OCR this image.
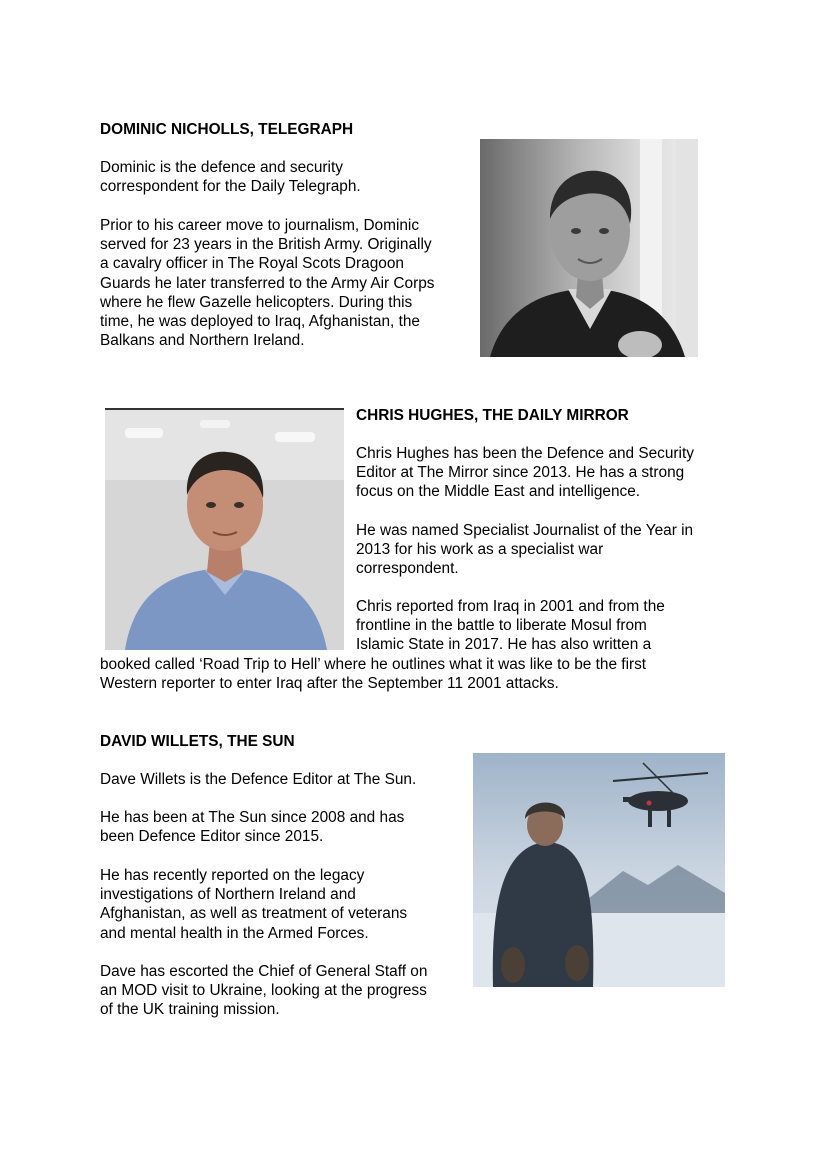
DOMINIC NICHOLLS, TELEGRAPH
Dominic is the defence and security
correspondent for the Daily Telegraph.
Prior to his career move to journalism, Dominic
served for 23 years in the British Army. Originally
a cavalry officer in The Royal Scots Dragoon
Guards he later transferred to the Army Air Corps
where he flew Gazelle helicopters. During this
time, he was deployed to Iraq, Afghanistan, the
Balkans and Northern Ireland.
CHRIS HUGHES, THE DAILY MIRROR
Chris Hughes has been the Defence and Security
Editor at The Mirror since 2013. He has a strong
focus on the Middle East and intelligence.
He was named Specialist Journalist of the Year in
2013 for his work as a specialist war
correspondent.
Chris reported from Iraq in 2001 and from the
frontline in the battle to liberate Mosul from
Islamic State in 2017. He has also written a
booked called ‘Road Trip to Hell’ where he outlines what it was like to be the first
Western reporter to enter Iraq after the September 11 2001 attacks.
DAVID WILLETS, THE SUN
Dave Willets is the Defence Editor at The Sun.
He has been at The Sun since 2008 and has
been Defence Editor since 2015.
He has recently reported on the legacy
investigations of Northern Ireland and
Afghanistan, as well as treatment of veterans
and mental health in the Armed Forces.
Dave has escorted the Chief of General Staff on
an MOD visit to Ukraine, looking at the progress
of the UK training mission.
